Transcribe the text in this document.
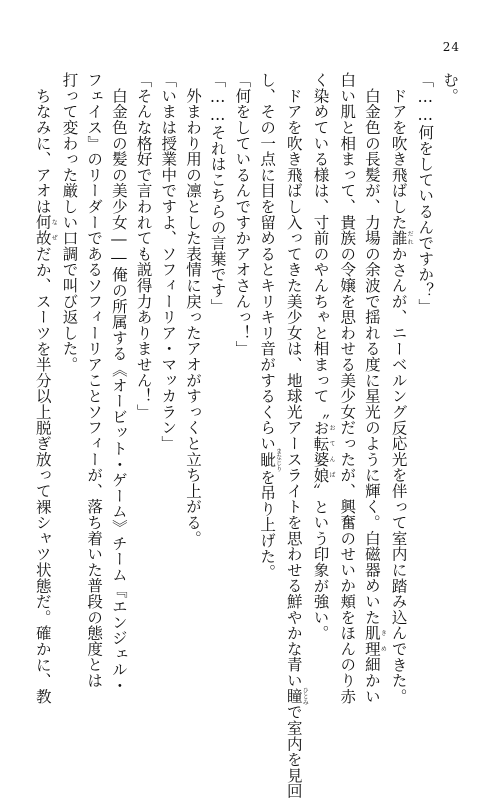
24
む。
「……何をしているんですか？」
　ドアを吹き飛ばした誰だれかさんが、ニーベルング反応光を伴って室内に踏み込んできた。
　白金色の長髪が、力場の余波で揺れる度に星光のように輝く。白磁器めいた肌理きめ細かい
白い肌と相まって、貴族の令嬢を思わせる美少女だったが、興奮のせいか頬をほんのり赤
く染めている様は、寸前のやんちゃと相まって〝お転婆娘おてんば〟という印象が強い。
　ドアを吹き飛ばし入ってきた美少女は、地球光アースライトを思わせる鮮やかな青い瞳ひとみで室内を見回
し、その一点に目を留めるとキリキリ音がするくらい眦まなじりを吊り上げた。
「何をしているんですかアオさんっ！」
「……それはこちらの言葉です」
　外まわり用の凛とした表情に戻ったアオがすっくと立ち上がる。
「いまは授業中ですよ、ソフィーリア・マッカラン」
「そんな格好で言われても説得力ありません！」
　白金色の髪の美少女――俺の所属する《オービット・ゲーム》チーム『エンジェル・
フェイス』のリーダーであるソフィーリアことソフィーが、落ち着いた普段の態度とは
打って変わった厳しい口調で叫び返した。
　ちなみに、アオは何故なぜだか、スーツを半分以上脱ぎ放って裸シャツ状態だ。確かに、教
